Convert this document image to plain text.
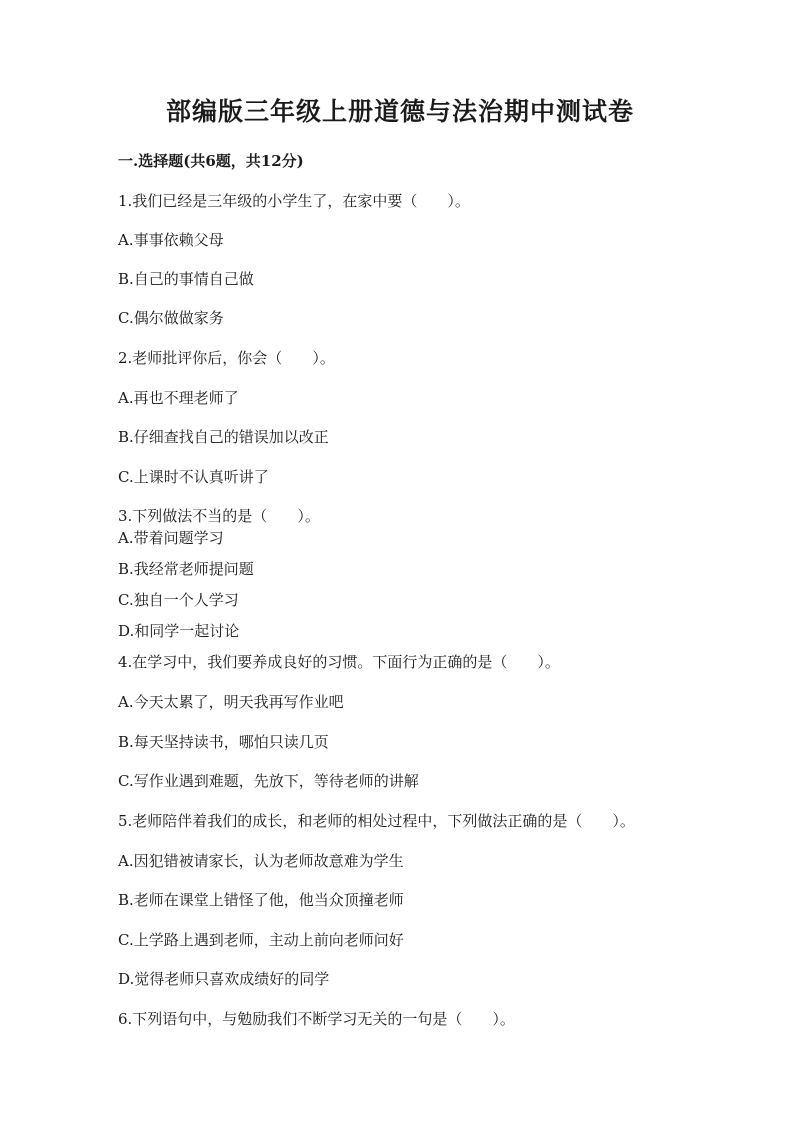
部编版三年级上册道德与法治期中测试卷
一.选择题(共6题，共12分)
1.我们已经是三年级的小学生了，在家中要（　　）。
A.事事依赖父母
B.自己的事情自己做
C.偶尔做做家务
2.老师批评你后，你会（　　）。
A.再也不理老师了
B.仔细查找自己的错误加以改正
C.上课时不认真听讲了
3.下列做法不当的是（　　）。
A.带着问题学习
B.我经常老师提问题
C.独自一个人学习
D.和同学一起讨论
4.在学习中，我们要养成良好的习惯。下面行为正确的是（　　）。
A.今天太累了，明天我再写作业吧
B.每天坚持读书，哪怕只读几页
C.写作业遇到难题，先放下，等待老师的讲解
5.老师陪伴着我们的成长，和老师的相处过程中，下列做法正确的是（　　）。
A.因犯错被请家长，认为老师故意难为学生
B.老师在课堂上错怪了他，他当众顶撞老师
C.上学路上遇到老师，主动上前向老师问好
D.觉得老师只喜欢成绩好的同学
6.下列语句中，与勉励我们不断学习无关的一句是（　　）。
